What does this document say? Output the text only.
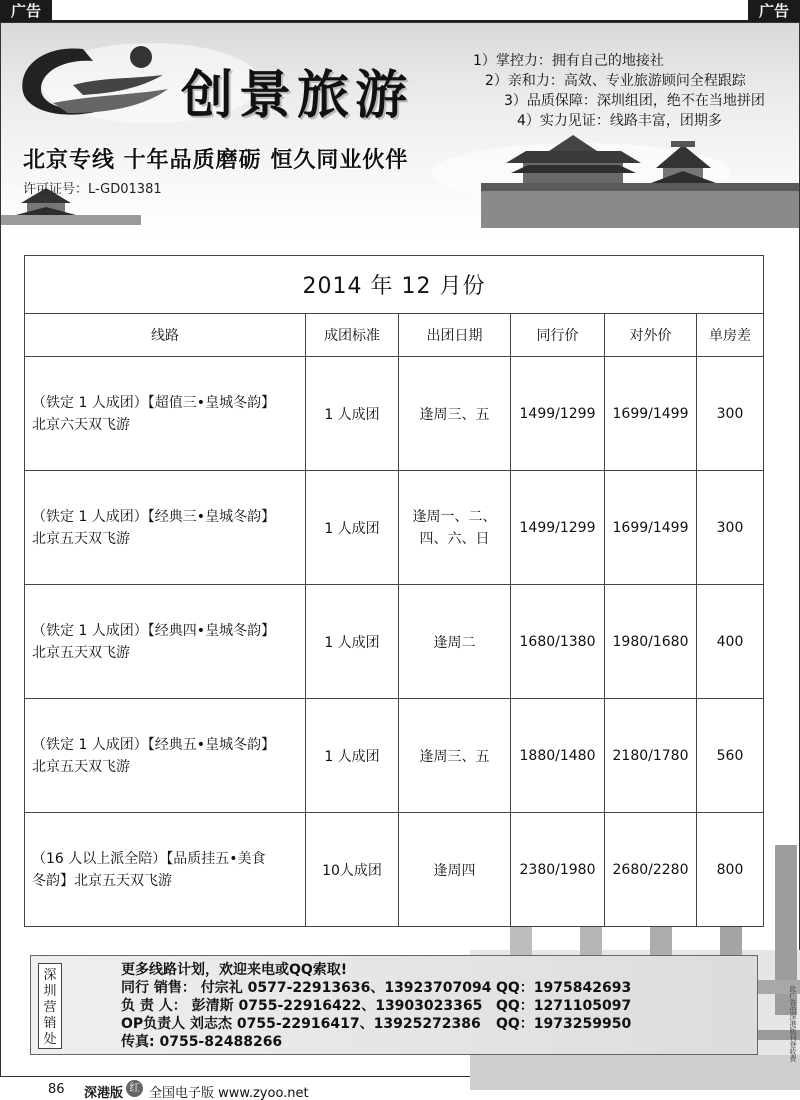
广告	广告
创景旅游
1）掌控力：拥有自己的地接社
2）亲和力：高效、专业旅游顾问全程跟踪
3）品质保障：深圳组团，绝不在当地拼团
4）实力见证：线路丰富，团期多
北京专线 十年品质磨砺 恒久同业伙伴
许可证号：L-GD01381
2014 年 12 月份					
线路	成团标准	出团日期	同行价	对外价	单房差
（铁定 1 人成团）【超值三•皇城冬韵】
北京六天双飞游	1 人成团	逢周三、五	1499/1299	1699/1499	300
（铁定 1 人成团）【经典三•皇城冬韵】
北京五天双飞游	1 人成团	逢周一、二、
四、六、日	1499/1299	1699/1499	300
（铁定 1 人成团）【经典四•皇城冬韵】
北京五天双飞游	1 人成团	逢周二	1680/1380	1980/1680	400
（铁定 1 人成团）【经典五•皇城冬韵】
北京五天双飞游	1 人成团	逢周三、五	1880/1480	2180/1780	560
（16 人以上派全陪）【品质挂五•美食
冬韵】北京五天双飞游	10人成团	逢周四	2380/1980	2680/2280	800
深
圳
营
销
处
更多线路计划，欢迎来电或QQ索取!
同行 销售： 付宗礼 0577-22913636、13923707094 QQ：1975842693
负 责 人： 彭清斯 0755-22916422、13903023365 QQ：1271105097
OP负责人 刘志杰 0755-22916417、13925272386 QQ：1973259950
传真: 0755-82488266	此广告由深港版刊登收费
86 深港版 红 全国电子版 www.zyoo.net
